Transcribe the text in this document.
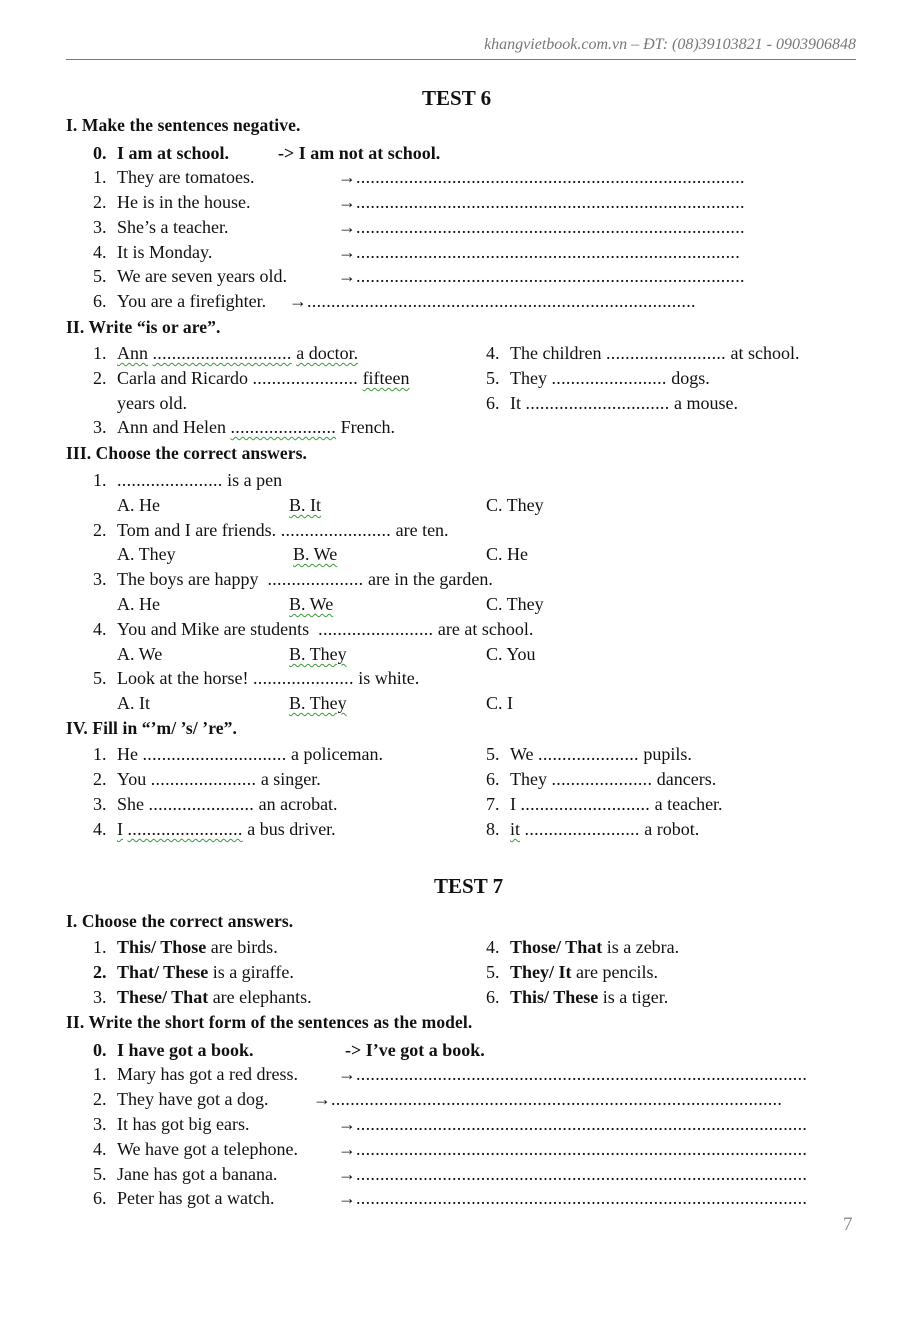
khangvietbook.com.vn – ĐT: (08)39103821 - 0903906848
TEST 6
I. Make the sentences negative.
0. I am at school.	-> I am not at school.
1. They are tomatoes.	→.................................................................................
2. He is in the house.	→.................................................................................
3. She’s a teacher.	→.................................................................................
4. It is Monday.	→................................................................................
5. We are seven years old.	→.................................................................................
6. You are a firefighter. →.................................................................................
II. Write “is or are”.
1. Ann ............................. a doctor.
2. Carla and Ricardo ...................... fifteen
years old.
3. Ann and Helen ...................... French.
4. The children ......................... at school.
5. They ........................ dogs.
6. It .............................. a mouse.
III. Choose the correct answers.
1. ...................... is a pen
A. He	B. It	C. They
2. Tom and I are friends. ....................... are ten.
A. They	B. We	C. He
3. The boys are happy .................... are in the garden.
A. He	B. We	C. They
4. You and Mike are students ........................ are at school.
A. We	B. They	C. You
5. Look at the horse! ..................... is white.
A. It	B. They	C. I
IV. Fill in “’m/ ’s/ ’re”.
1. He .............................. a policeman.
2. You ...................... a singer.
3. She ...................... an acrobat.
4. I ........................ a bus driver.
5. We ..................... pupils.
6. They ..................... dancers.
7. I ........................... a teacher.
8. it ........................ a robot.
TEST 7
I. Choose the correct answers.
1. This/ Those are birds.
2. That/ These is a giraffe.
3. These/ That are elephants.
4. Those/ That is a zebra.
5. They/ It are pencils.
6. This/ These is a tiger.
II. Write the short form of the sentences as the model.
0. I have got a book.	-> I’ve got a book.
1. Mary has got a red dress. →..............................................................................................
2. They have got a dog. →..............................................................................................
3. It has got big ears.	→..............................................................................................
4. We have got a telephone. →..............................................................................................
5. Jane has got a banana.	→..............................................................................................
6. Peter has got a watch.	→..............................................................................................
7
